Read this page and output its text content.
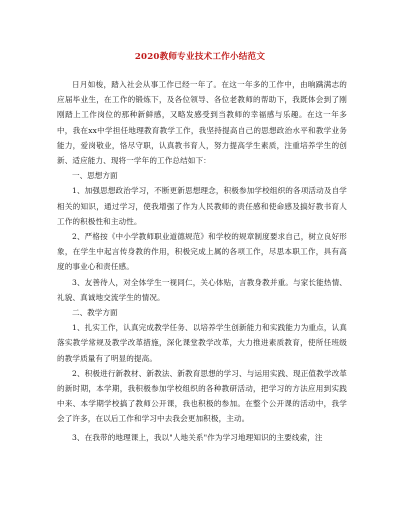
2020教师专业技术工作小结范文

日月如梭，踏入社会从事工作已经一年了。在这一年多的工作中，由晌蹒满志的应届毕业生，在工作的锻炼下，及各位领导、各位老教师的帮助下，我既体会到了刚刚踏上工作岗位的那种新鲜感，又略发感受到当教师的幸福感与乐趣。在这一年多中，我在xx中学担任地理教育教学工作，我坚持提高自己的思想政治水平和教学业务能力，爱岗敬业，恪尽守职，认真教书育人，努力提高学生素质，注重培养学生的创新、适应能力、现将一学年的工作总结如下：

一、思想方面

1、加强思想政治学习，不断更新思想理念，积极参加学校组织的各项活动及自学相关的知识，通过学习，使我增强了作为人民教师的责任感和使命感及搞好教书育人工作的积极性和主动性。

2、严格按《中小学教师职业道德规范》和学校的规章制度要求自己，树立良好形象，在学生中起言传身教的作用，积极完成上属的各项工作，尽思本职工作，具有高度的事业心和责任感。

3、友善待人，对全体学生一视同仁，关心体贴，言教身教并重。与家长能热情、礼貌、真诚地交流学生的情况。

二、教学方面

1、扎实工作，认真完成教学任务、以培养学生创新能力和实践能力为重点，认真落实教学常规及教学改革措施，深化课堂教学改革，大力推进素质教育，使所任班级的教学质量有了明显的提高。

2、积极进行新教材、新教法、新教育思想的学习、与运用实践、现正值教学改革的新时期，本学期，我积极参加学校组织的各种教研活动，把学习的方法应用到实践中来、本学期学校搞了教师公开课，我也积极的参加。在整个公开课的活动中，我学会了许多，在以后工作和学习中去我会更加积极，主动。

3、在我带的地理课上，我以"人地关系"作为学习地理知识的主要线索，注
